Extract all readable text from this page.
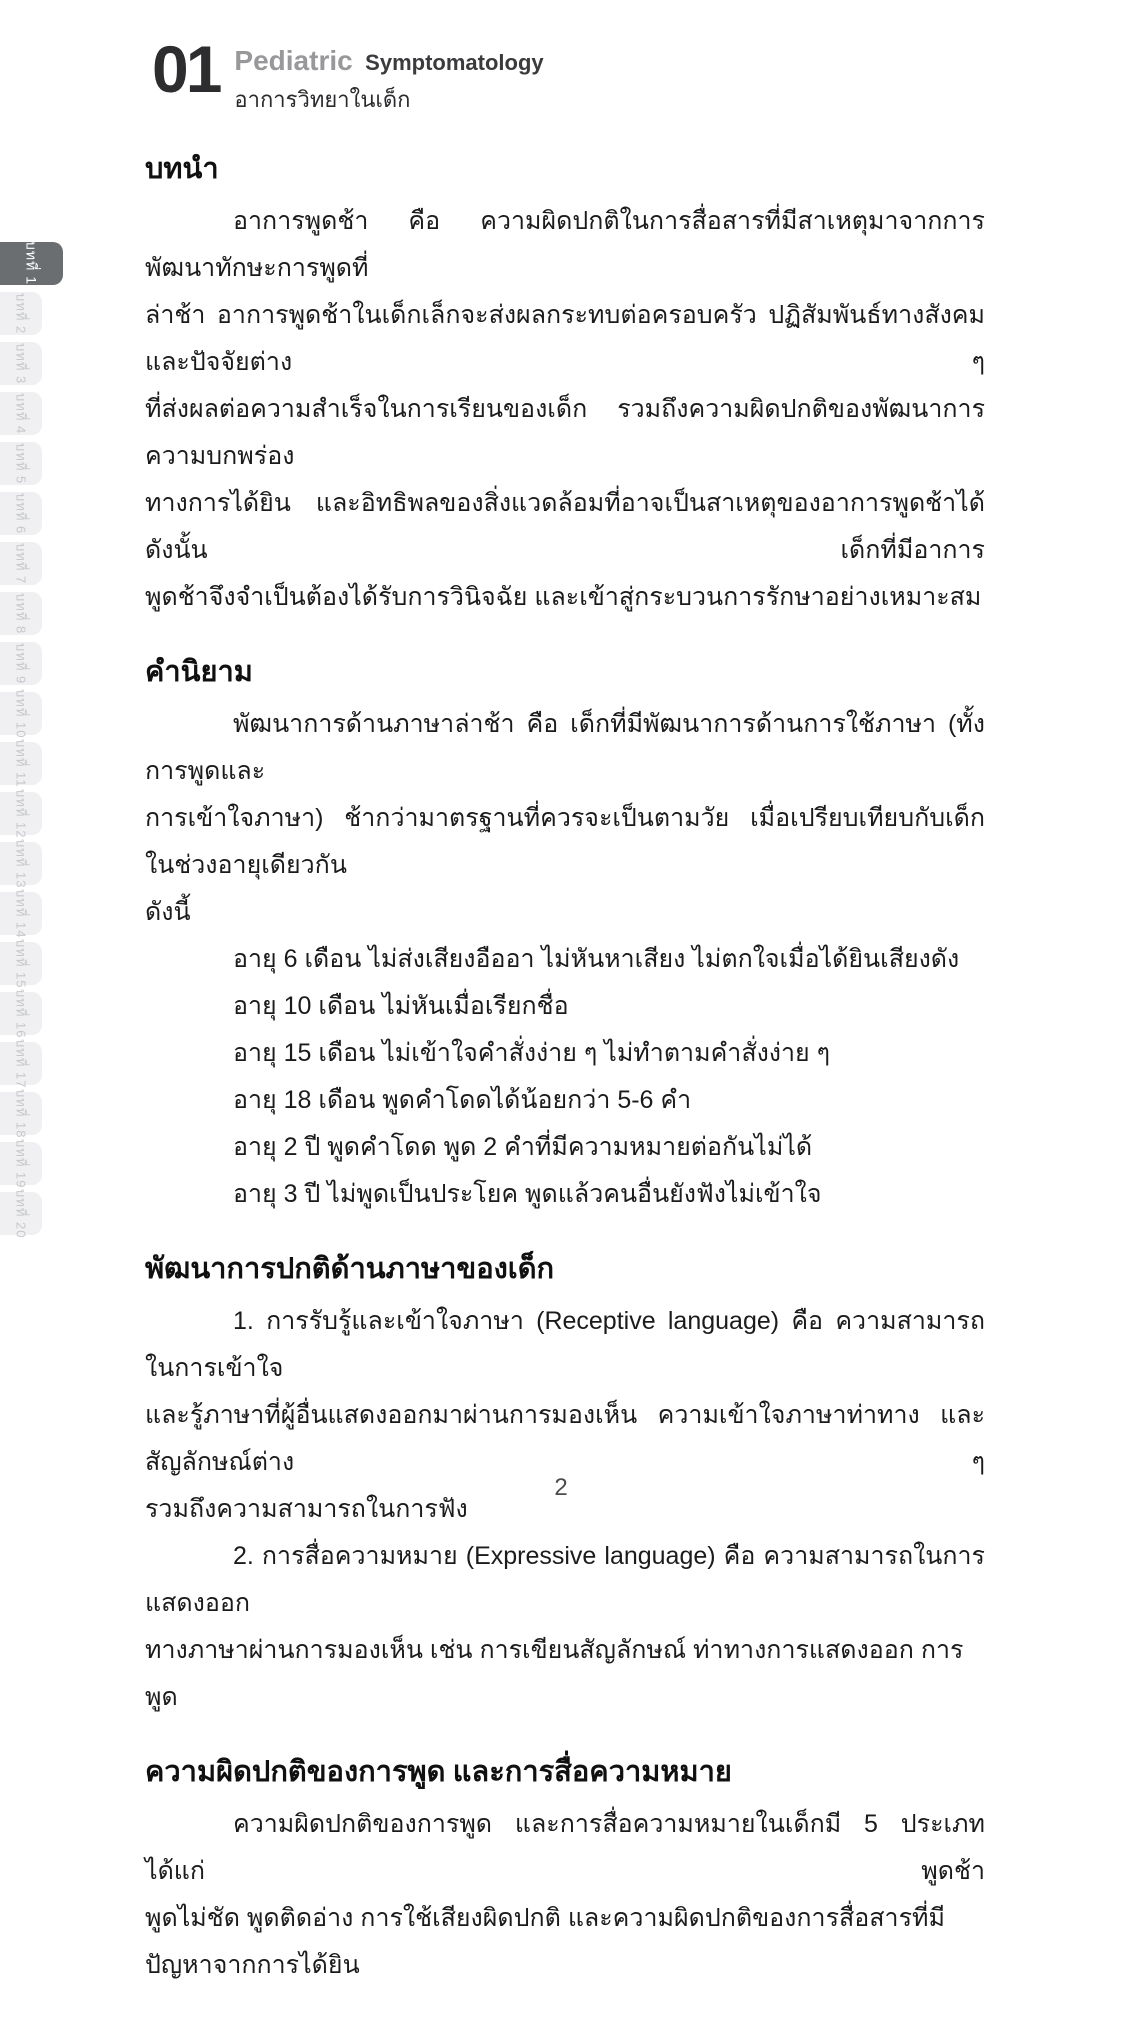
บทที่ 1
บทที่ 2
บทที่ 3
บทที่ 4
บทที่ 5
บทที่ 6
บทที่ 7
บทที่ 8
บทที่ 9
บทที่ 10
บทที่ 11
บทที่ 12
บทที่ 13
บทที่ 14
บทที่ 15
บทที่ 16
บทที่ 17
บทที่ 18
บทที่ 19
บทที่ 20
01 Pediatric Symptomatology
อาการวิทยาในเด็ก
บทนำ
อาการพูดช้า คือ ความผิดปกติในการสื่อสารที่มีสาเหตุมาจากการพัฒนาทักษะการพูดที่
ล่าช้า อาการพูดช้าในเด็กเล็กจะส่งผลกระทบต่อครอบครัว ปฏิสัมพันธ์ทางสังคม และปัจจัยต่าง ๆ
ที่ส่งผลต่อความสำเร็จในการเรียนของเด็ก รวมถึงความผิดปกติของพัฒนาการ ความบกพร่อง
ทางการได้ยิน และอิทธิพลของสิ่งแวดล้อมที่อาจเป็นสาเหตุของอาการพูดช้าได้ ดังนั้น เด็กที่มีอาการ
พูดช้าจึงจำเป็นต้องได้รับการวินิจฉัย และเข้าสู่กระบวนการรักษาอย่างเหมาะสม
คำนิยาม
พัฒนาการด้านภาษาล่าช้า คือ เด็กที่มีพัฒนาการด้านการใช้ภาษา (ทั้งการพูดและ
การเข้าใจภาษา) ช้ากว่ามาตรฐานที่ควรจะเป็นตามวัย เมื่อเปรียบเทียบกับเด็กในช่วงอายุเดียวกัน
ดังนี้
อายุ 6 เดือน ไม่ส่งเสียงอืออา ไม่หันหาเสียง ไม่ตกใจเมื่อได้ยินเสียงดัง
อายุ 10 เดือน ไม่หันเมื่อเรียกชื่อ
อายุ 15 เดือน ไม่เข้าใจคำสั่งง่าย ๆ ไม่ทำตามคำสั่งง่าย ๆ
อายุ 18 เดือน พูดคำโดดได้น้อยกว่า 5-6 คำ
อายุ 2 ปี พูดคำโดด พูด 2 คำที่มีความหมายต่อกันไม่ได้
อายุ 3 ปี ไม่พูดเป็นประโยค พูดแล้วคนอื่นยังฟังไม่เข้าใจ
พัฒนาการปกติด้านภาษาของเด็ก
1. การรับรู้และเข้าใจภาษา (Receptive language) คือ ความสามารถในการเข้าใจ
และรู้ภาษาที่ผู้อื่นแสดงออกมาผ่านการมองเห็น ความเข้าใจภาษาท่าทาง และสัญลักษณ์ต่าง ๆ
รวมถึงความสามารถในการฟัง
2. การสื่อความหมาย (Expressive language) คือ ความสามารถในการแสดงออก
ทางภาษาผ่านการมองเห็น เช่น การเขียนสัญลักษณ์ ท่าทางการแสดงออก การพูด
ความผิดปกติของการพูด และการสื่อความหมาย
ความผิดปกติของการพูด และการสื่อความหมายในเด็กมี 5 ประเภท ได้แก่ พูดช้า
พูดไม่ชัด พูดติดอ่าง การใช้เสียงผิดปกติ และความผิดปกติของการสื่อสารที่มีปัญหาจากการได้ยิน
2
